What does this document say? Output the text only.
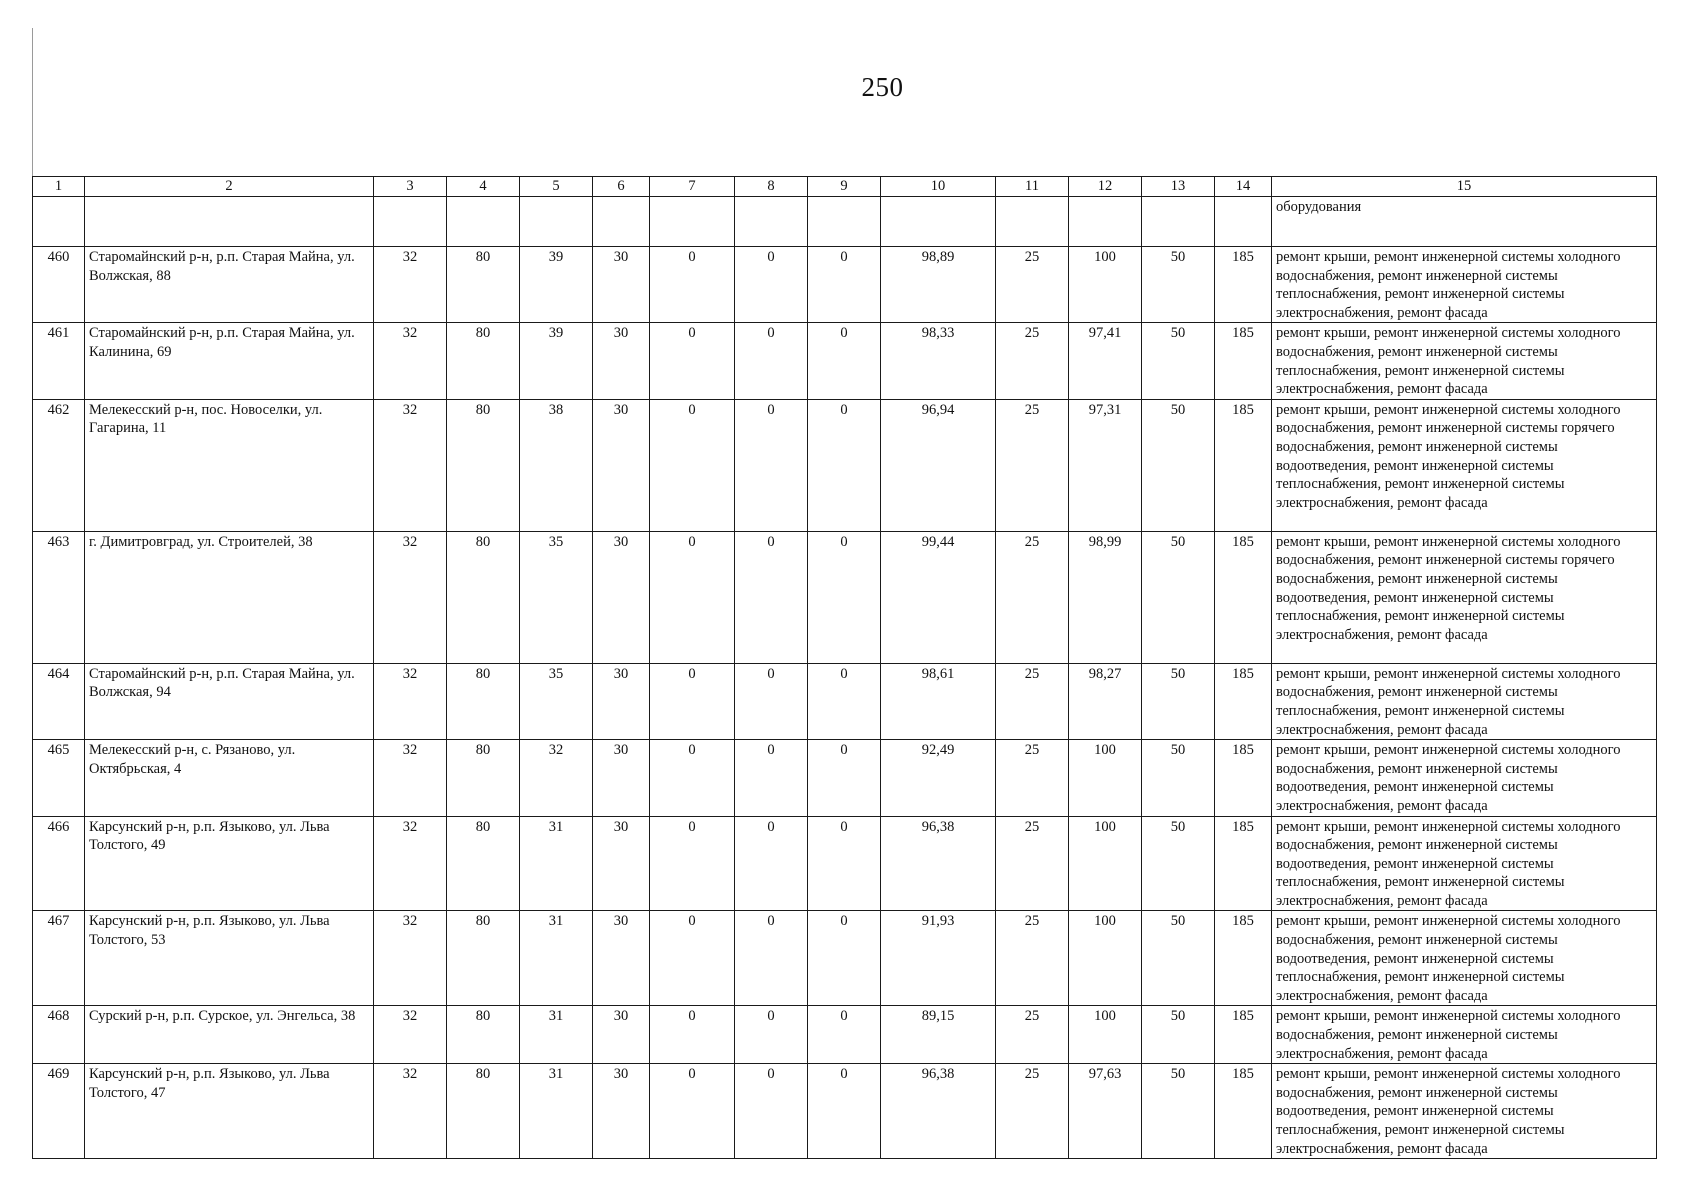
250
1	2	3	4	5	6	7	8	9	10	11	12	13	14	15
														оборудования
460	Старомайнский р-н, р.п. Старая Майна, ул. Волжская, 88	32	80	39	30	0	0	0	98,89	25	100	50	185	ремонт крыши, ремонт инженерной системы холодного водоснабжения, ремонт инженерной системы теплоснабжения, ремонт инженерной системы электроснабжения, ремонт фасада
461	Старомайнский р-н, р.п. Старая Майна, ул. Калинина, 69	32	80	39	30	0	0	0	98,33	25	97,41	50	185	ремонт крыши, ремонт инженерной системы холодного водоснабжения, ремонт инженерной системы теплоснабжения, ремонт инженерной системы электроснабжения, ремонт фасада
462	Мелекесский р-н, пос. Новоселки, ул. Гагарина, 11	32	80	38	30	0	0	0	96,94	25	97,31	50	185	ремонт крыши, ремонт инженерной системы холодного водоснабжения, ремонт инженерной системы горячего водоснабжения, ремонт инженерной системы водоотведения, ремонт инженерной системы теплоснабжения, ремонт инженерной системы электроснабжения, ремонт фасада
463	г. Димитровград, ул. Строителей, 38	32	80	35	30	0	0	0	99,44	25	98,99	50	185	ремонт крыши, ремонт инженерной системы холодного водоснабжения, ремонт инженерной системы горячего водоснабжения, ремонт инженерной системы водоотведения, ремонт инженерной системы теплоснабжения, ремонт инженерной системы электроснабжения, ремонт фасада
464	Старомайнский р-н, р.п. Старая Майна, ул. Волжская, 94	32	80	35	30	0	0	0	98,61	25	98,27	50	185	ремонт крыши, ремонт инженерной системы холодного водоснабжения, ремонт инженерной системы теплоснабжения, ремонт инженерной системы электроснабжения, ремонт фасада
465	Мелекесский р-н, с. Рязаново, ул. Октябрьская, 4	32	80	32	30	0	0	0	92,49	25	100	50	185	ремонт крыши, ремонт инженерной системы холодного водоснабжения, ремонт инженерной системы водоотведения, ремонт инженерной системы электроснабжения, ремонт фасада
466	Карсунский р-н, р.п. Языково, ул. Льва Толстого, 49	32	80	31	30	0	0	0	96,38	25	100	50	185	ремонт крыши, ремонт инженерной системы холодного водоснабжения, ремонт инженерной системы водоотведения, ремонт инженерной системы теплоснабжения, ремонт инженерной системы электроснабжения, ремонт фасада
467	Карсунский р-н, р.п. Языково, ул. Льва Толстого, 53	32	80	31	30	0	0	0	91,93	25	100	50	185	ремонт крыши, ремонт инженерной системы холодного водоснабжения, ремонт инженерной системы водоотведения, ремонт инженерной системы теплоснабжения, ремонт инженерной системы электроснабжения, ремонт фасада
468	Сурский р-н, р.п. Сурское, ул. Энгельса, 38	32	80	31	30	0	0	0	89,15	25	100	50	185	ремонт крыши, ремонт инженерной системы холодного водоснабжения, ремонт инженерной системы электроснабжения, ремонт фасада
469	Карсунский р-н, р.п. Языково, ул. Льва Толстого, 47	32	80	31	30	0	0	0	96,38	25	97,63	50	185	ремонт крыши, ремонт инженерной системы холодного водоснабжения, ремонт инженерной системы водоотведения, ремонт инженерной системы теплоснабжения, ремонт инженерной системы электроснабжения, ремонт фасада
